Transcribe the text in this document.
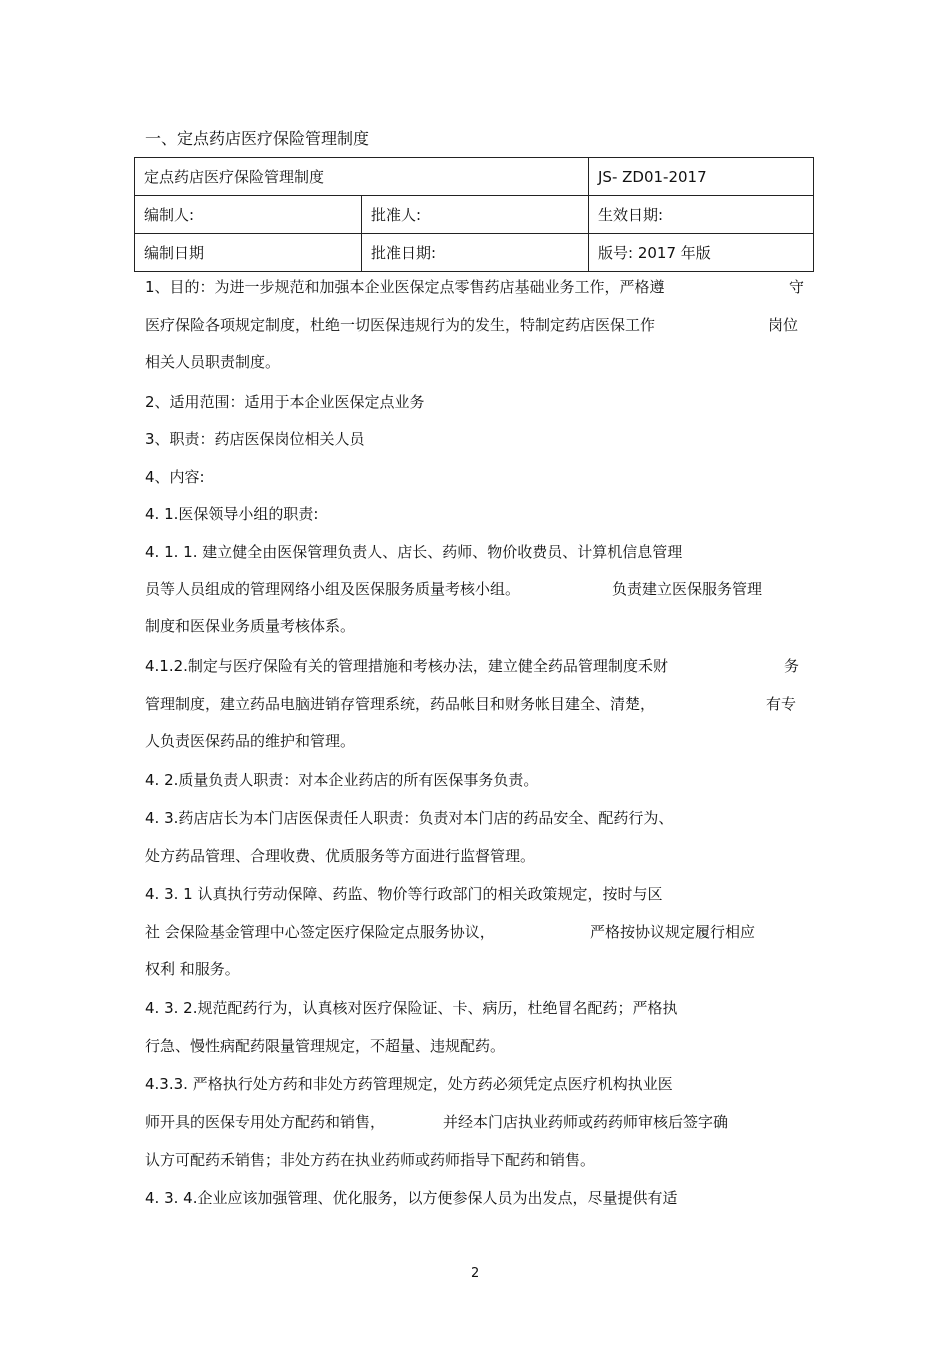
一、定点药店医疗保险管理制度
定点药店医疗保险管理制度		JS- ZD01-2017
编制人:	批准人:	生效日期:
编制日期	批准日期:	版号: 2017 年版
1、目的：为进一步规范和加强本企业医保定点零售药店基础业务工作，严格遵	守
医疗保险各项规定制度，杜绝一切医保违规行为的发生，特制定药店医保工作	岗位
相关人员职责制度。
2、适用范围：适用于本企业医保定点业务
3、职责：药店医保岗位相关人员
4、内容:
4. 1.医保领导小组的职责:
4. 1. 1. 建立健全由医保管理负责人、店长、药师、物价收费员、计算机信息管理
员等人员组成的管理网络小组及医保服务质量考核小组。	负责建立医保服务管理
制度和医保业务质量考核体系。
4.1.2.制定与医疗保险有关的管理措施和考核办法，建立健全药品管理制度禾财	务
管理制度，建立药品电脑进销存管理系统，药品帐目和财务帐目建全、清楚，	有专
人负责医保药品的维护和管理。
4. 2.质量负责人职责：对本企业药店的所有医保事务负责。
4. 3.药店店长为本门店医保责任人职责：负责对本门店的药品安全、配药行为、
处方药品管理、合理收费、优质服务等方面进行监督管理。
4. 3. 1 认真执行劳动保障、药监、物价等行政部门的相关政策规定，按时与区
社 会保险基金管理中心签定医疗保险定点服务协议，	严格按协议规定履行相应
权利 和服务。
4. 3. 2.规范配药行为，认真核对医疗保险证、卡、病历，杜绝冒名配药；严格执
行急、慢性病配药限量管理规定，不超量、违规配药。
4.3.3. 严格执行处方药和非处方药管理规定，处方药必须凭定点医疗机构执业医
师开具的医保专用处方配药和销售，	并经本门店执业药师或药药师审核后签字确
认方可配药禾销售；非处方药在执业药师或药师指导下配药和销售。
4. 3. 4.企业应该加强管理、优化服务，以方便参保人员为出发点，尽量提供有适
2
